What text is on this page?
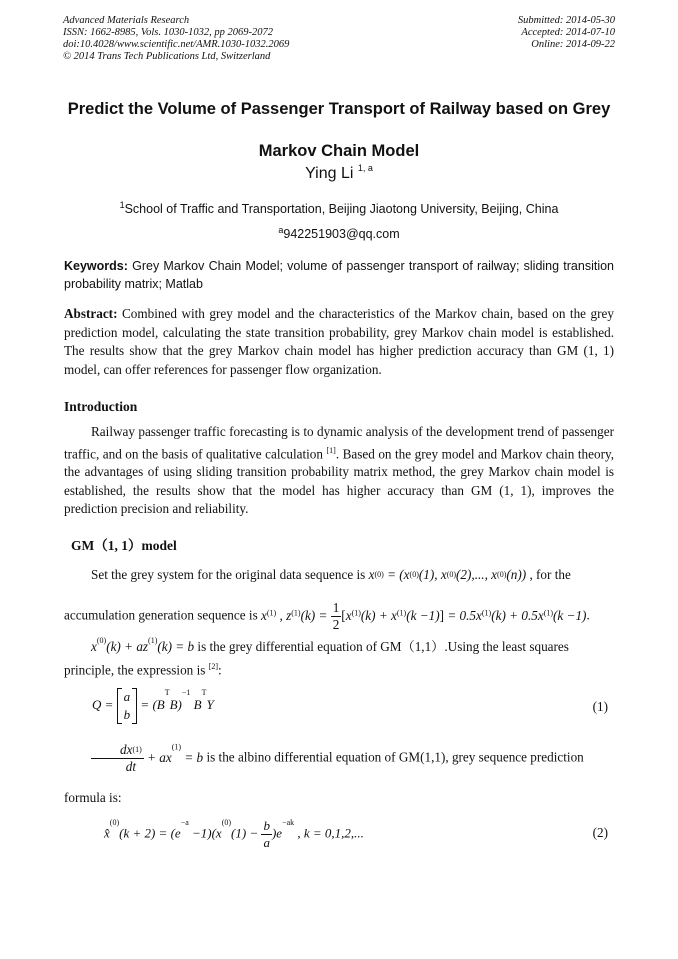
Advanced Materials Research
ISSN: 1662-8985, Vols. 1030-1032, pp 2069-2072
doi:10.4028/www.scientific.net/AMR.1030-1032.2069
© 2014 Trans Tech Publications Ltd, Switzerland
Submitted: 2014-05-30
Accepted: 2014-07-10
Online: 2014-09-22
Predict the Volume of Passenger Transport of Railway based on Grey
Markov Chain Model
Ying Li $^{1, a}$
$^1$School of Traffic and Transportation, Beijing Jiaotong University, Beijing, China
$^a$942251903@qq.com
Keywords: Grey Markov Chain Model; volume of passenger transport of railway; sliding transition probability matrix; Matlab
Abstract: Combined with grey model and the characteristics of the Markov chain, based on the grey prediction model, calculating the state transition probability, grey Markov chain model is established. The results show that the grey Markov chain model has higher prediction accuracy than GM (1, 1) model, can offer references for passenger flow organization.
Introduction
Railway passenger traffic forecasting is to dynamic analysis of the development trend of passenger traffic, and on the basis of qualitative calculation [1]. Based on the grey model and Markov chain theory, the advantages of using sliding transition probability matrix method, the grey Markov chain model is established, the results show that the model has higher accuracy than GM (1, 1), improves the prediction precision and reliability.
GM（1, 1）model
Set the grey system for the original data sequence is $x^{(0)} = (x^{(0)}(1)$, $x^{(0)}(2)$,..., $x^{(0)}(n)$) , for the
accumulation generation sequence is $x^{(1)}$ , $z^{(1)}(k) = \frac{1}{2} [x^{(1)}(k) + x^{(1)}(k -1)] = 0.5x^{(1)}(k) + 0.5x^{(1)}(k -1)$.
$x^{(0)}(k) + az^{(1)}(k) = b$ is the grey differential equation of GM（1,1）.Using the least squares
principle, the expression is [2]:
Q =
a
b
= $(B^TB)^{-1}$ $B^TY$	(1)
$\frac{dx^{(1)}}{dt} + ax^{(1)} = b$ is the albino differential equation of GM(1,1), grey sequence prediction
formula is:
x̂$^{(0)}$(k + $2) = (e^{-a} -1)(x^{(0)}(1) - \frac{b}{a} )e^{-ak}$ , k = 0,1,2,...	(2)
